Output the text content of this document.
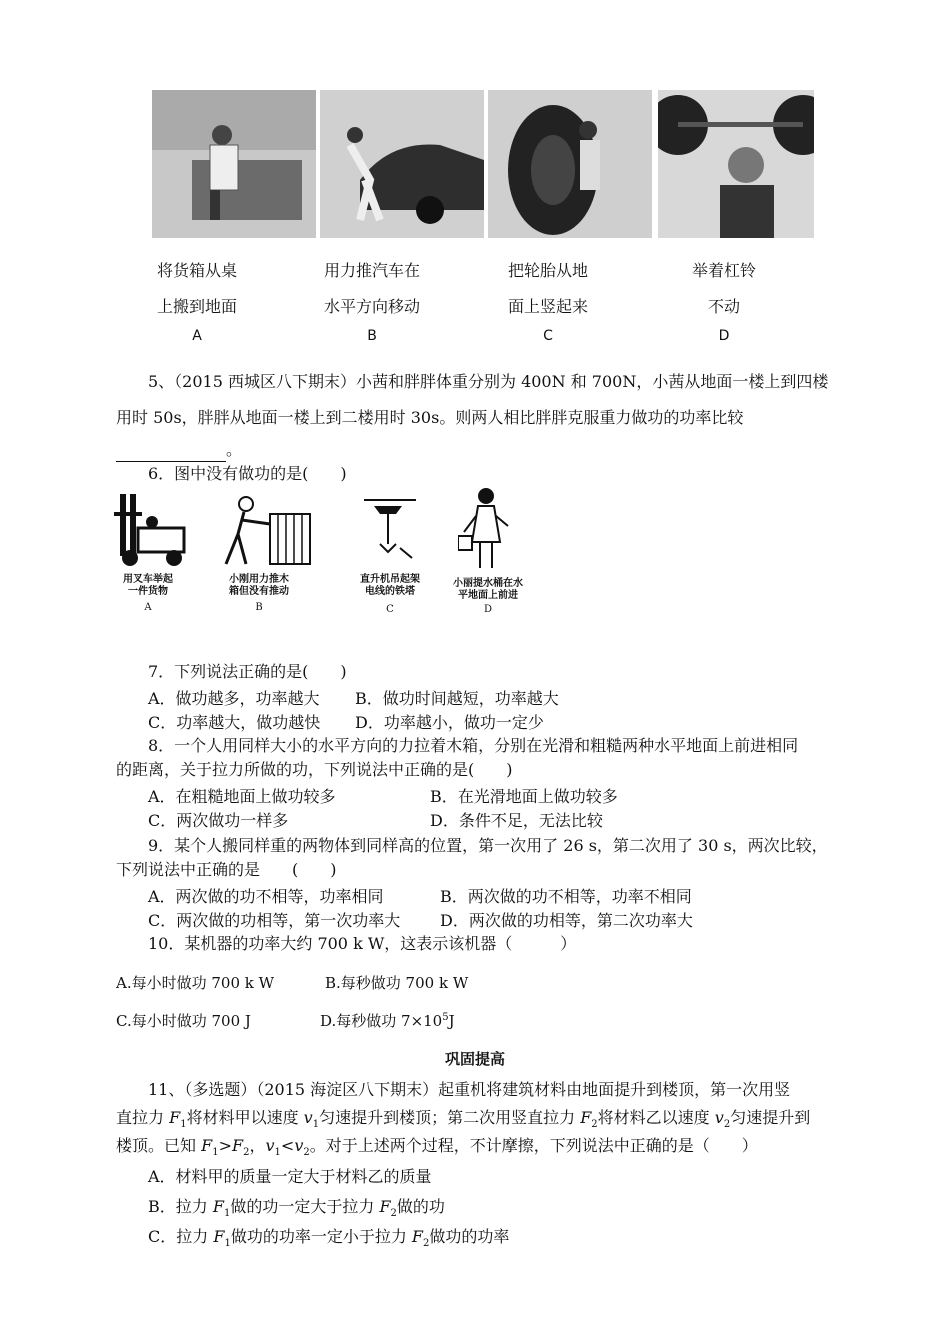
将货箱从桌
上搬到地面
A
用力推汽车在
水平方向移动
B
把轮胎从地
面上竖起来
C
举着杠铃
不动
D
5、（2015 西城区八下期末）小茜和胖胖体重分别为 400N 和 700N，小茜从地面一楼上到四楼
用时 50s，胖胖从地面一楼上到二楼用时 30s。则两人相比胖胖克服重力做功的功率比较
。
6．图中没有做功的是(　　)
用叉车举起
一件货物
A
小刚用力推木
箱但没有推动
B
直升机吊起架
电线的铁塔
C
小丽提水桶在水
平地面上前进
D
7．下列说法正确的是(　　)
A．做功越多，功率越大 B．做功时间越短，功率越大
C．功率越大，做功越快 D．功率越小，做功一定少
8．一个人用同样大小的水平方向的力拉着木箱，分别在光滑和粗糙两种水平地面上前进相同
的距离，关于拉力所做的功，下列说法中正确的是(　　)
A．在粗糙地面上做功较多	B．在光滑地面上做功较多
C．两次做功一样多	D．条件不足，无法比较
9．某个人搬同样重的两物体到同样高的位置，第一次用了 26 s，第二次用了 30 s，两次比较，
下列说法中正确的是　　(　　)
A．两次做的功不相等，功率相同	B．两次做的功不相等，功率不相同
C．两次做的功相等，第一次功率大 D．两次做的功相等，第二次功率大
10．某机器的功率大约 700 k W，这表示该机器（　　　）
A.每小时做功 700 k W	B.每秒做功 700 k W
C.每小时做功 700 J	D.每秒做功 $7\times 10^5J$
巩固提高
11、（多选题）（2015 海淀区八下期末）起重机将建筑材料由地面提升到楼顶，第一次用竖
直拉力 $F_1$将材料甲以速度 $v_1$匀速提升到楼顶；第二次用竖直拉力 $F_2$将材料乙以速度 $v_2$匀速提升到
楼顶。已知 $F_1>F_2$，$v_1<v_2$。对于上述两个过程，不计摩擦，下列说法中正确的是（　　）
A．材料甲的质量一定大于材料乙的质量
B．拉力 $F_1$做的功一定大于拉力 $F_2$做的功
C．拉力 $F_1$做功的功率一定小于拉力 $F_2$做功的功率
